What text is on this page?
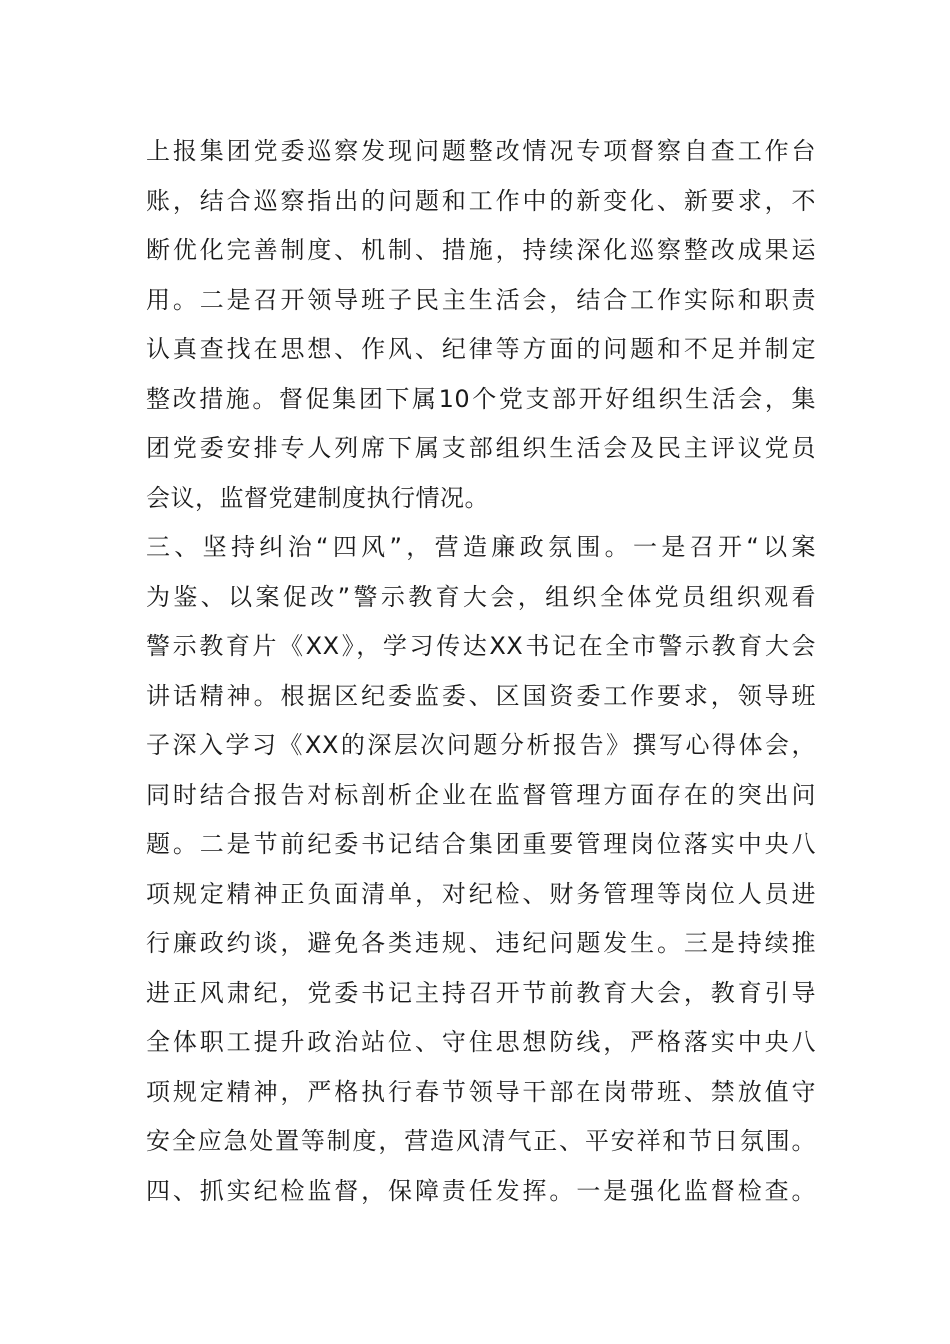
上报集团党委巡察发现问题整改情况专项督察自查工作台
账，结合巡察指出的问题和工作中的新变化、新要求，不
断优化完善制度、机制、措施，持续深化巡察整改成果运
用。二是召开领导班子民主生活会，结合工作实际和职责
认真查找在思想、作风、纪律等方面的问题和不足并制定
整改措施。督促集团下属10个党支部开好组织生活会，集
团党委安排专人列席下属支部组织生活会及民主评议党员
会议，监督党建制度执行情况。
三、坚持纠治“四风”，营造廉政氛围。一是召开“以案
为鉴、以案促改”警示教育大会，组织全体党员组织观看
警示教育片《XX》，学习传达XX书记在全市警示教育大会
讲话精神。根据区纪委监委、区国资委工作要求，领导班
子深入学习《XX的深层次问题分析报告》撰写心得体会，
同时结合报告对标剖析企业在监督管理方面存在的突出问
题。二是节前纪委书记结合集团重要管理岗位落实中央八
项规定精神正负面清单，对纪检、财务管理等岗位人员进
行廉政约谈，避免各类违规、违纪问题发生。三是持续推
进正风肃纪，党委书记主持召开节前教育大会，教育引导
全体职工提升政治站位、守住思想防线，严格落实中央八
项规定精神，严格执行春节领导干部在岗带班、禁放值守
安全应急处置等制度，营造风清气正、平安祥和节日氛围。
四、抓实纪检监督，保障责任发挥。一是强化监督检查。
